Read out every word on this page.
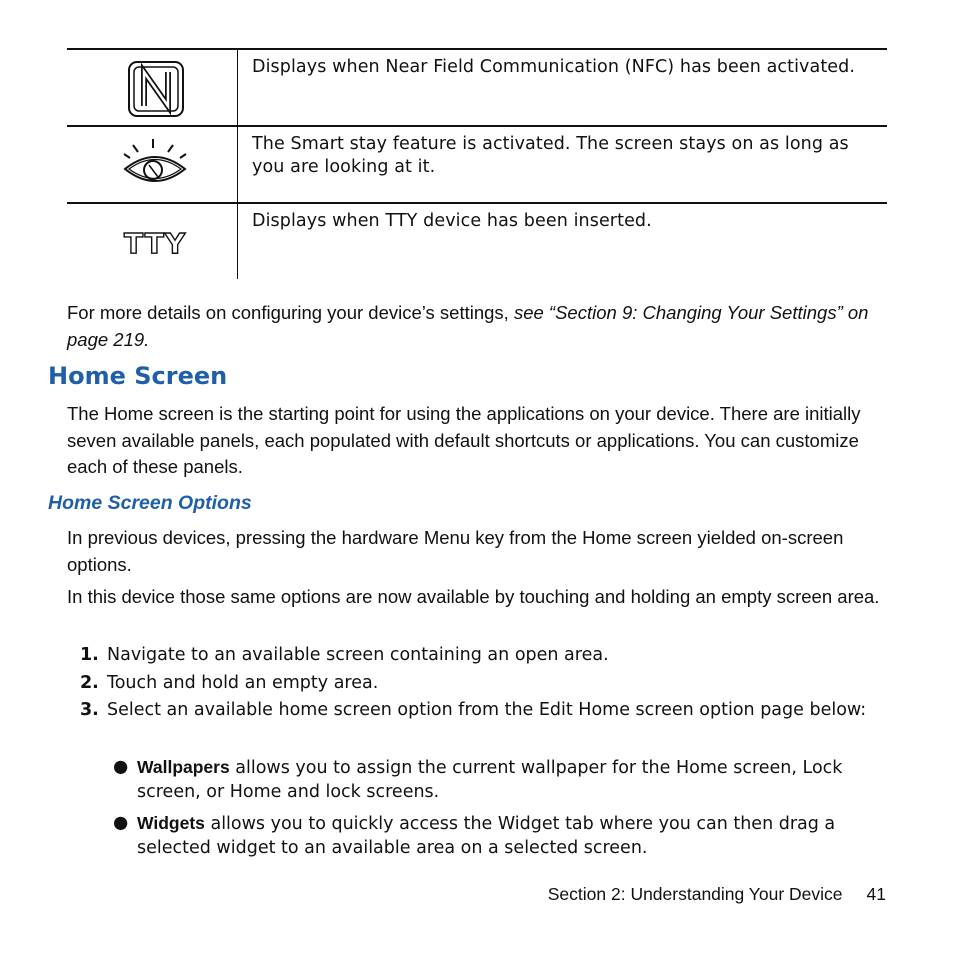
	Displays when Near Field Communication (NFC) has been activated.

	The Smart stay feature is activated. The screen stays on as long as you are looking at it.

TTY	Displays when TTY device has been inserted.
For more details on configuring your device’s settings, see “Section 9: Changing Your Settings” on page 219.
Home Screen
The Home screen is the starting point for using the applications on your device. There are initially seven available panels, each populated with default shortcuts or applications. You can customize each of these panels.
Home Screen Options
In previous devices, pressing the hardware Menu key from the Home screen yielded on-screen options.
In this device those same options are now available by touching and holding an empty screen area.
1. Navigate to an available screen containing an open area.
2. Touch and hold an empty area.
3. Select an available home screen option from the Edit Home screen option page below:
● Wallpapers allows you to assign the current wallpaper for the Home screen, Lock screen, or Home and lock screens.
● Widgets allows you to quickly access the Widget tab where you can then drag a selected widget to an available area on a selected screen.
Section 2: Understanding Your Device 41
